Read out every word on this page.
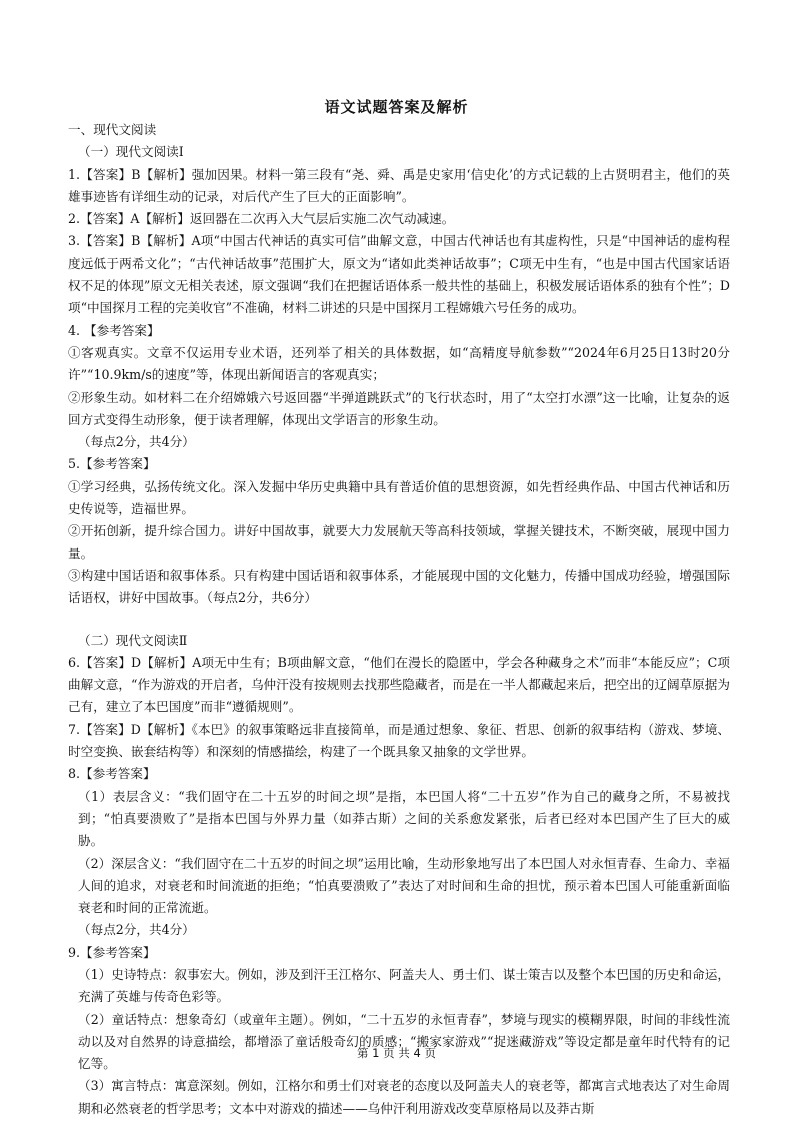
语文试题答案及解析

一、现代文阅读

（一）现代文阅读Ⅰ

1.【答案】B【解析】强加因果。材料一第三段有“尧、舜、禹是史家用‘信史化’的方式记载的上古贤明君主，他们的英雄事迹皆有详细生动的记录，对后代产生了巨大的正面影响”。

2.【答案】A【解析】返回器在二次再入大气层后实施二次气动减速。

3.【答案】B【解析】A项“中国古代神话的真实可信”曲解文意，中国古代神话也有其虚构性，只是“中国神话的虚构程度远低于两希文化”；“古代神话故事”范围扩大，原文为“诸如此类神话故事”；C项无中生有，“也是中国古代国家话语权不足的体现”原文无相关表述，原文强调“我们在把握话语体系一般共性的基础上，积极发展话语体系的独有个性”；D项“中国探月工程的完美收官”不准确，材料二讲述的只是中国探月工程嫦娥六号任务的成功。

4. 【参考答案】

①客观真实。文章不仅运用专业术语，还列举了相关的具体数据，如“高精度导航参数”“2024年6月25日13时20分许”“10.9km/s的速度”等，体现出新闻语言的客观真实；

②形象生动。如材料二在介绍嫦娥六号返回器“半弹道跳跃式”的飞行状态时，用了“太空打水漂”这一比喻，让复杂的返回方式变得生动形象，便于读者理解，体现出文学语言的形象生动。

（每点2分，共4分）

5.【参考答案】

①学习经典，弘扬传统文化。深入发掘中华历史典籍中具有普适价值的思想资源，如先哲经典作品、中国古代神话和历史传说等，造福世界。

②开拓创新，提升综合国力。讲好中国故事，就要大力发展航天等高科技领域，掌握关键技术，不断突破，展现中国力量。

③构建中国话语和叙事体系。只有构建中国话语和叙事体系，才能展现中国的文化魅力，传播中国成功经验，增强国际话语权，讲好中国故事。（每点2分，共6分）

（二）现代文阅读Ⅱ

6.【答案】D【解析】A项无中生有；B项曲解文意，“他们在漫长的隐匿中，学会各种藏身之术”而非“本能反应”；C项曲解文意，“作为游戏的开启者，乌仲汗没有按规则去找那些隐藏者，而是在一半人都藏起来后，把空出的辽阔草原据为己有，建立了本巴国度”而非“遵循规则”。

7.【答案】D【解析】《本巴》的叙事策略远非直接简单，而是通过想象、象征、哲思、创新的叙事结构（游戏、梦境、时空变换、嵌套结构等）和深刻的情感描绘，构建了一个既具象又抽象的文学世界。

8.【参考答案】

（1）表层含义：“我们固守在二十五岁的时间之坝”是指，本巴国人将“二十五岁”作为自己的藏身之所，不易被找到；“怕真要溃败了”是指本巴国与外界力量（如莽古斯）之间的关系愈发紧张，后者已经对本巴国产生了巨大的威胁。

（2）深层含义：“我们固守在二十五岁的时间之坝”运用比喻，生动形象地写出了本巴国人对永恒青春、生命力、幸福人间的追求，对衰老和时间流逝的拒绝；“怕真要溃败了”表达了对时间和生命的担忧，预示着本巴国人可能重新面临衰老和时间的正常流逝。

（每点2分，共4分）

9.【参考答案】

（1）史诗特点：叙事宏大。例如，涉及到汗王江格尔、阿盖夫人、勇士们、谋士策吉以及整个本巴国的历史和命运，充满了英雄与传奇色彩等。

（2）童话特点：想象奇幻（或童年主题）。例如，“二十五岁的永恒青春”，梦境与现实的模糊界限，时间的非线性流动以及对自然界的诗意描绘，都增添了童话般奇幻的质感；“搬家家游戏”“捉迷藏游戏”等设定都是童年时代特有的记忆等。

（3）寓言特点：寓意深刻。例如，江格尔和勇士们对衰老的态度以及阿盖夫人的衰老等，都寓言式地表达了对生命周期和必然衰老的哲学思考；文本中对游戏的描述——乌仲汗利用游戏改变草原格局以及莽古斯

第 1 页 共 4 页
